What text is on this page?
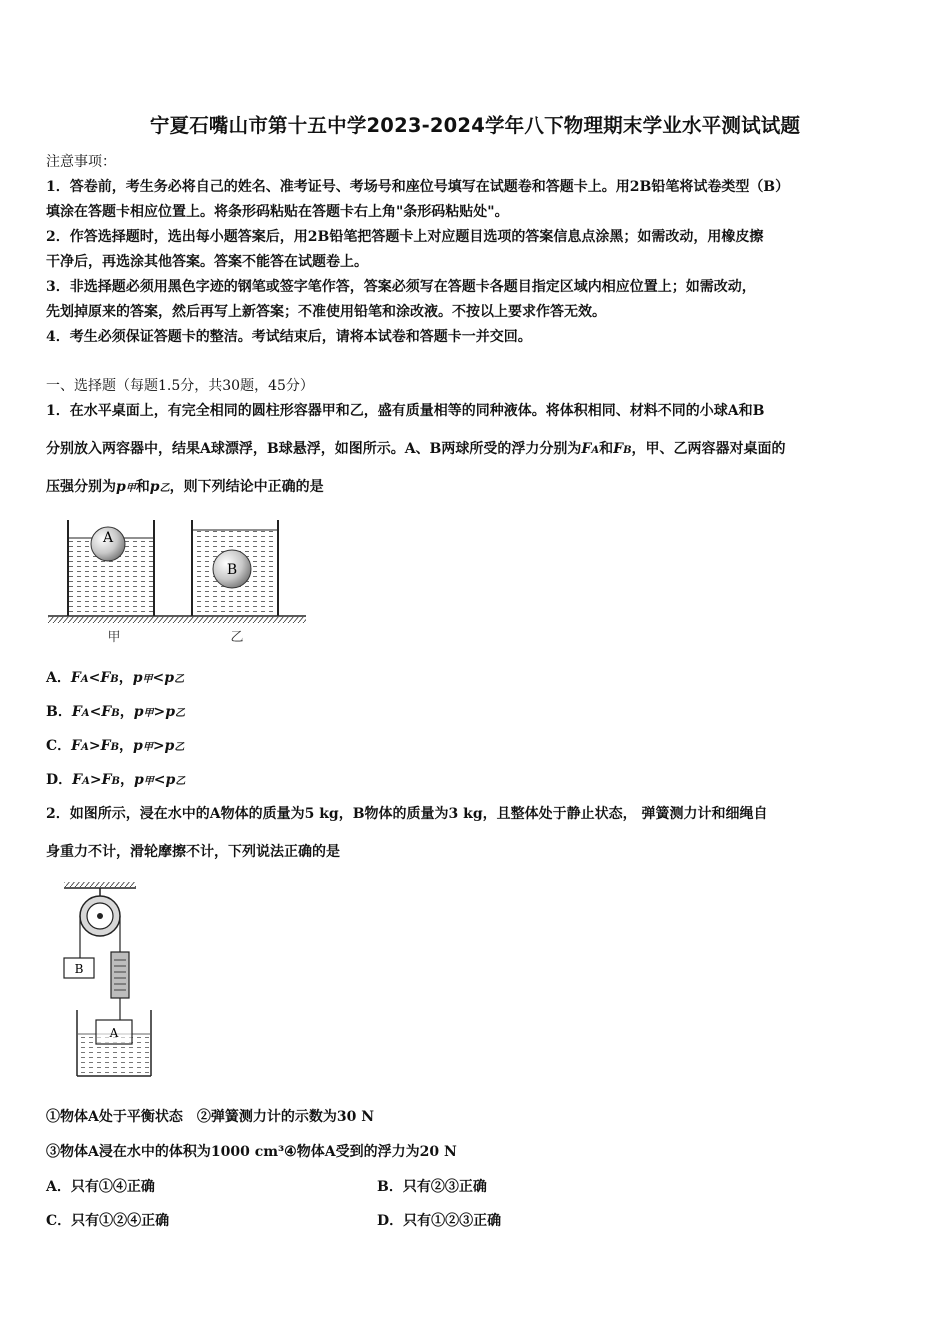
宁夏石嘴山市第十五中学2023-2024学年八下物理期末学业水平测试试题
注意事项：
1．答卷前，考生务必将自己的姓名、准考证号、考场号和座位号填写在试题卷和答题卡上。用2B铅笔将试卷类型（B）
填涂在答题卡相应位置上。将条形码粘贴在答题卡右上角"条形码粘贴处"。
2．作答选择题时，选出每小题答案后，用2B铅笔把答题卡上对应题目选项的答案信息点涂黑；如需改动，用橡皮擦
干净后，再选涂其他答案。答案不能答在试题卷上。
3．非选择题必须用黑色字迹的钢笔或签字笔作答，答案必须写在答题卡各题目指定区域内相应位置上；如需改动，
先划掉原来的答案，然后再写上新答案；不准使用铅笔和涂改液。不按以上要求作答无效。
4．考生必须保证答题卡的整洁。考试结束后，请将本试卷和答题卡一并交回。
一、选择题（每题1.5分，共30题，45分）
1．在水平桌面上，有完全相同的圆柱形容器甲和乙，盛有质量相等的同种液体。将体积相同、材料不同的小球A和B
分别放入两容器中，结果A球漂浮，B球悬浮，如图所示。A、B两球所受的浮力分别为FA和FB，甲、乙两容器对桌面的
压强分别为p甲和p乙，则下列结论中正确的是
A
B
甲	乙
A．FA<FB，p甲<p乙
B．FA<FB，p甲>p乙
C．FA>FB，p甲>p乙
D．FA>FB，p甲<p乙
2．如图所示，浸在水中的A物体的质量为5 kg，B物体的质量为3 kg，且整体处于静止状态， 弹簧测力计和细绳自
身重力不计，滑轮摩擦不计，下列说法正确的是
B
A
①物体A处于平衡状态　②弹簧测力计的示数为30 N
③物体A浸在水中的体积为1000 cm³④物体A受到的浮力为20 N
A．只有①④正确	B．只有②③正确
C．只有①②④正确	D．只有①②③正确
